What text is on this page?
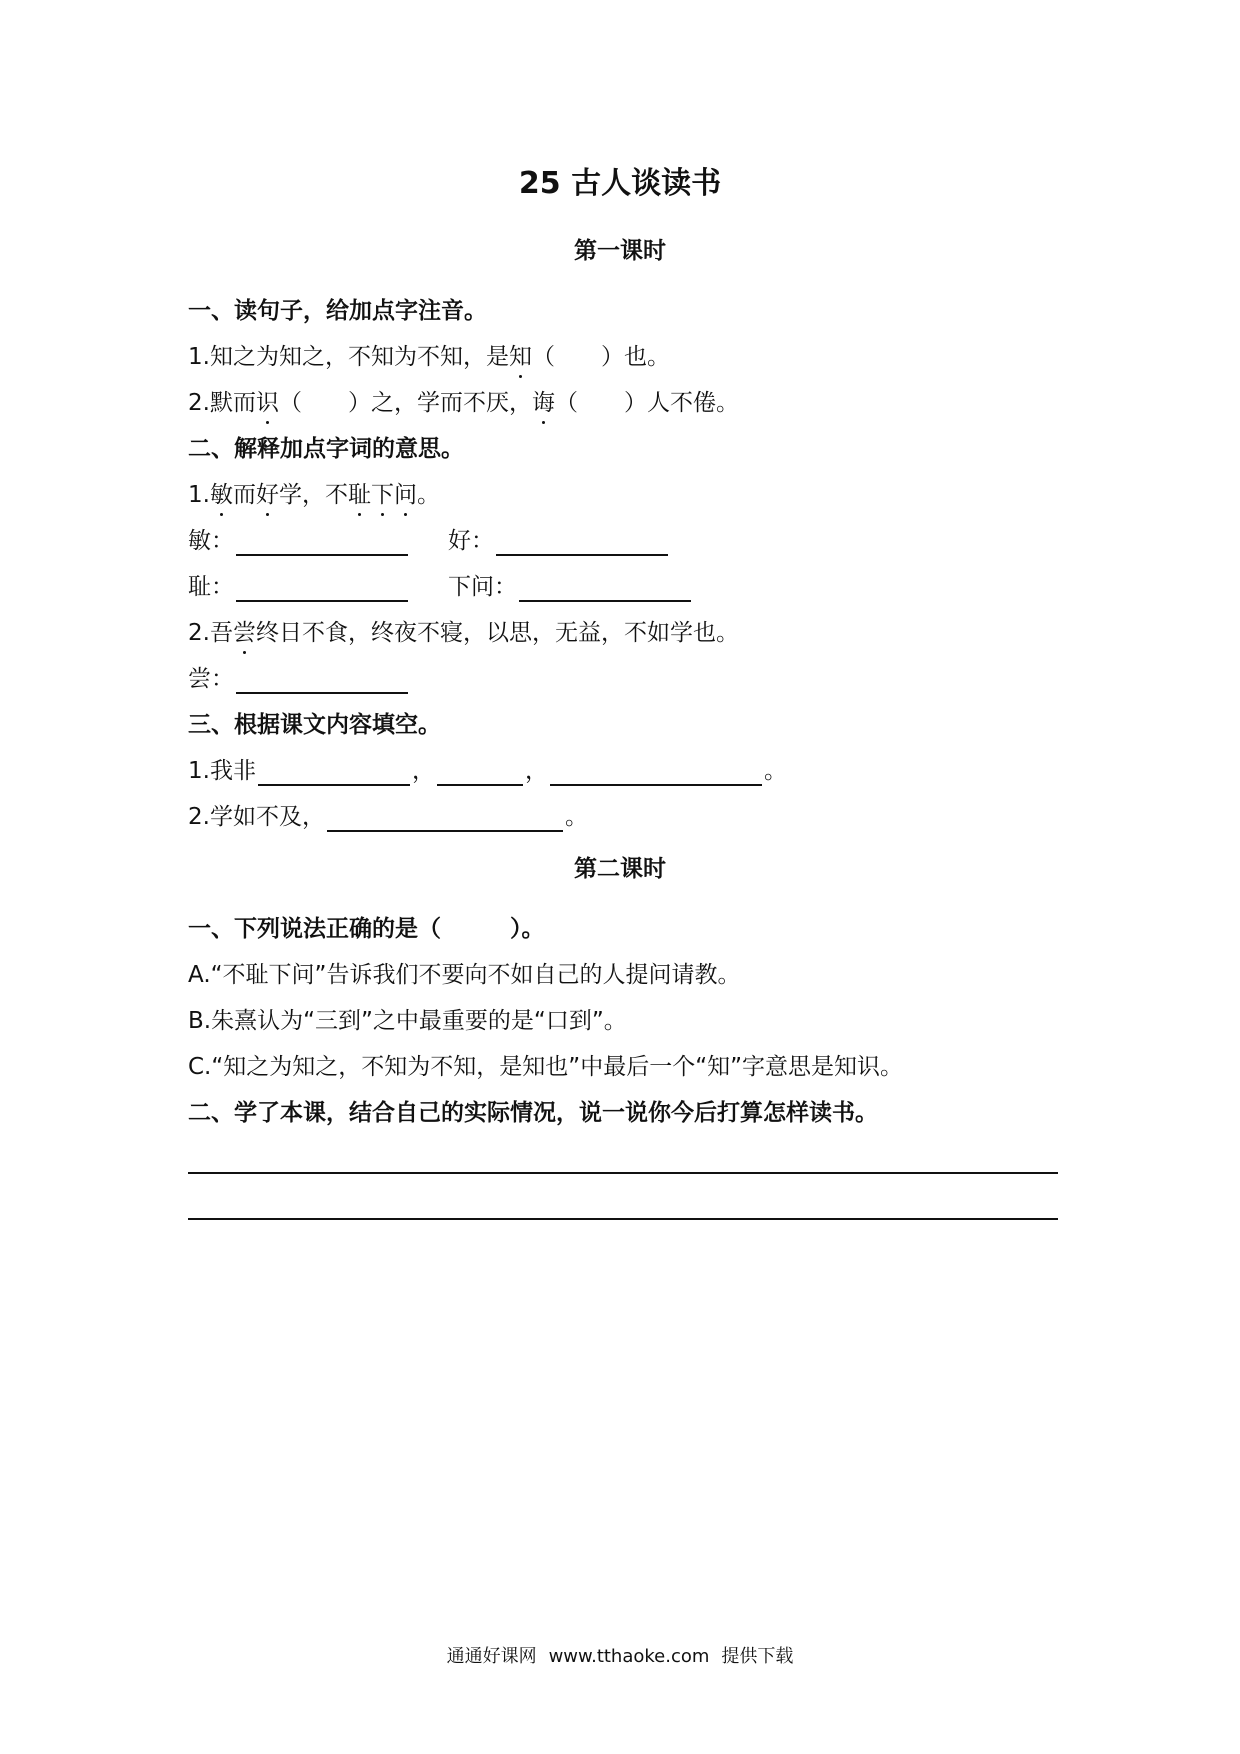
25 古人谈读书
第一课时
一、读句子，给加点字注音。
1.知之为知之，不知为不知，是知（　　）也。
2.默而识（　　）之，学而不厌，诲（　　）人不倦。
二、解释加点字词的意思。
1.敏而好学，不耻下问。
敏：	好：
耻：	下问：
2.吾尝终日不食，终夜不寝，以思，无益，不如学也。
尝：
三、根据课文内容填空。
1.我非	，	，	。
2.学如不及，	。
第二课时
一、下列说法正确的是（　　　）。
A.“不耻下问”告诉我们不要向不如自己的人提问请教。
B.朱熹认为“三到”之中最重要的是“口到”。
C.“知之为知之，不知为不知，是知也”中最后一个“知”字意思是知识。
二、学了本课，结合自己的实际情况，说一说你今后打算怎样读书。
通通好课网 www.tthaoke.com 提供下载
